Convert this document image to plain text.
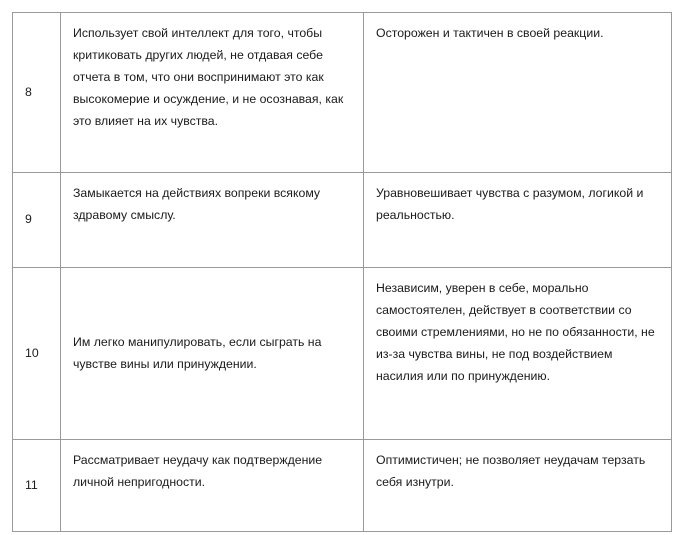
8	Использует свой интеллект для того, чтобы критиковать других людей, не отдавая себе отчета в том, что они воспринимают это как высокомерие и осуждение, и не осознавая, как это влияет на их чувства.	Осторожен и тактичен в своей реакции.

9	Замыкается на действиях вопреки всякому здравому смыслу.	Уравновешивает чувства с разумом, логикой и реальностью.

10	Им легко манипулировать, если сыграть на чувстве вины или принуждении.	Независим, уверен в себе, морально самостоятелен, действует в соответствии со своими стремлениями, но не по обязанности, не из-за чувства вины, не под воздействием насилия или по принуждению.

11	Рассматривает неудачу как подтверждение личной непригодности.	Оптимистичен; не позволяет неудачам терзать себя изнутри.
